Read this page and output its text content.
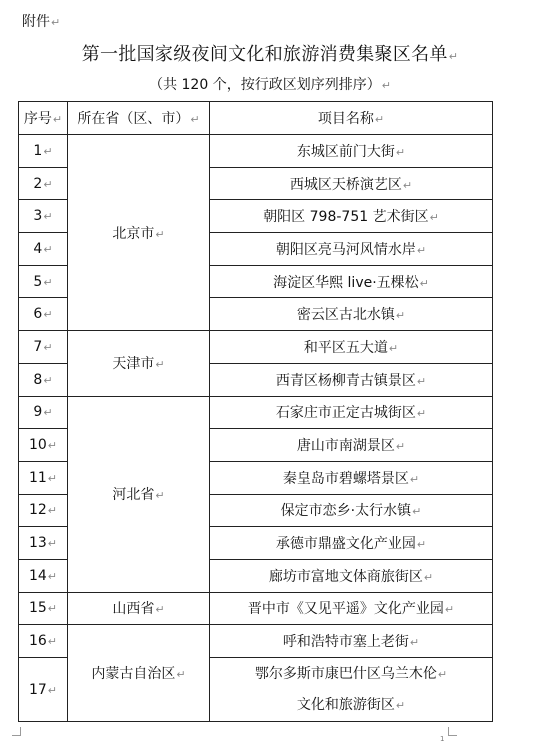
附件↵
第一批国家级夜间文化和旅游消费集聚区名单↵
（共 120 个，按行政区划序列排序）↵
序号↵	所在省（区、市）↵	项目名称↵
1↵	北京市↵	东城区前门大街↵
2↵		西城区天桥演艺区↵
3↵		朝阳区 798-751 艺术街区↵
4↵		朝阳区亮马河风情水岸↵
5↵		海淀区华熙 live·五棵松↵
6↵		密云区古北水镇↵
7↵	天津市↵	和平区五大道↵
8↵		西青区杨柳青古镇景区↵
9↵	河北省↵	石家庄市正定古城街区↵
10↵		唐山市南湖景区↵
11↵		秦皇岛市碧螺塔景区↵
12↵		保定市恋乡·太行水镇↵
13↵		承德市鼎盛文化产业园↵
14↵		廊坊市富地文体商旅街区↵
15↵	山西省↵	晋中市《又见平遥》文化产业园↵
16↵	内蒙古自治区↵	呼和浩特市塞上老街↵
17↵		鄂尔多斯市康巴什区乌兰木伦↵
文化和旅游街区↵
1
